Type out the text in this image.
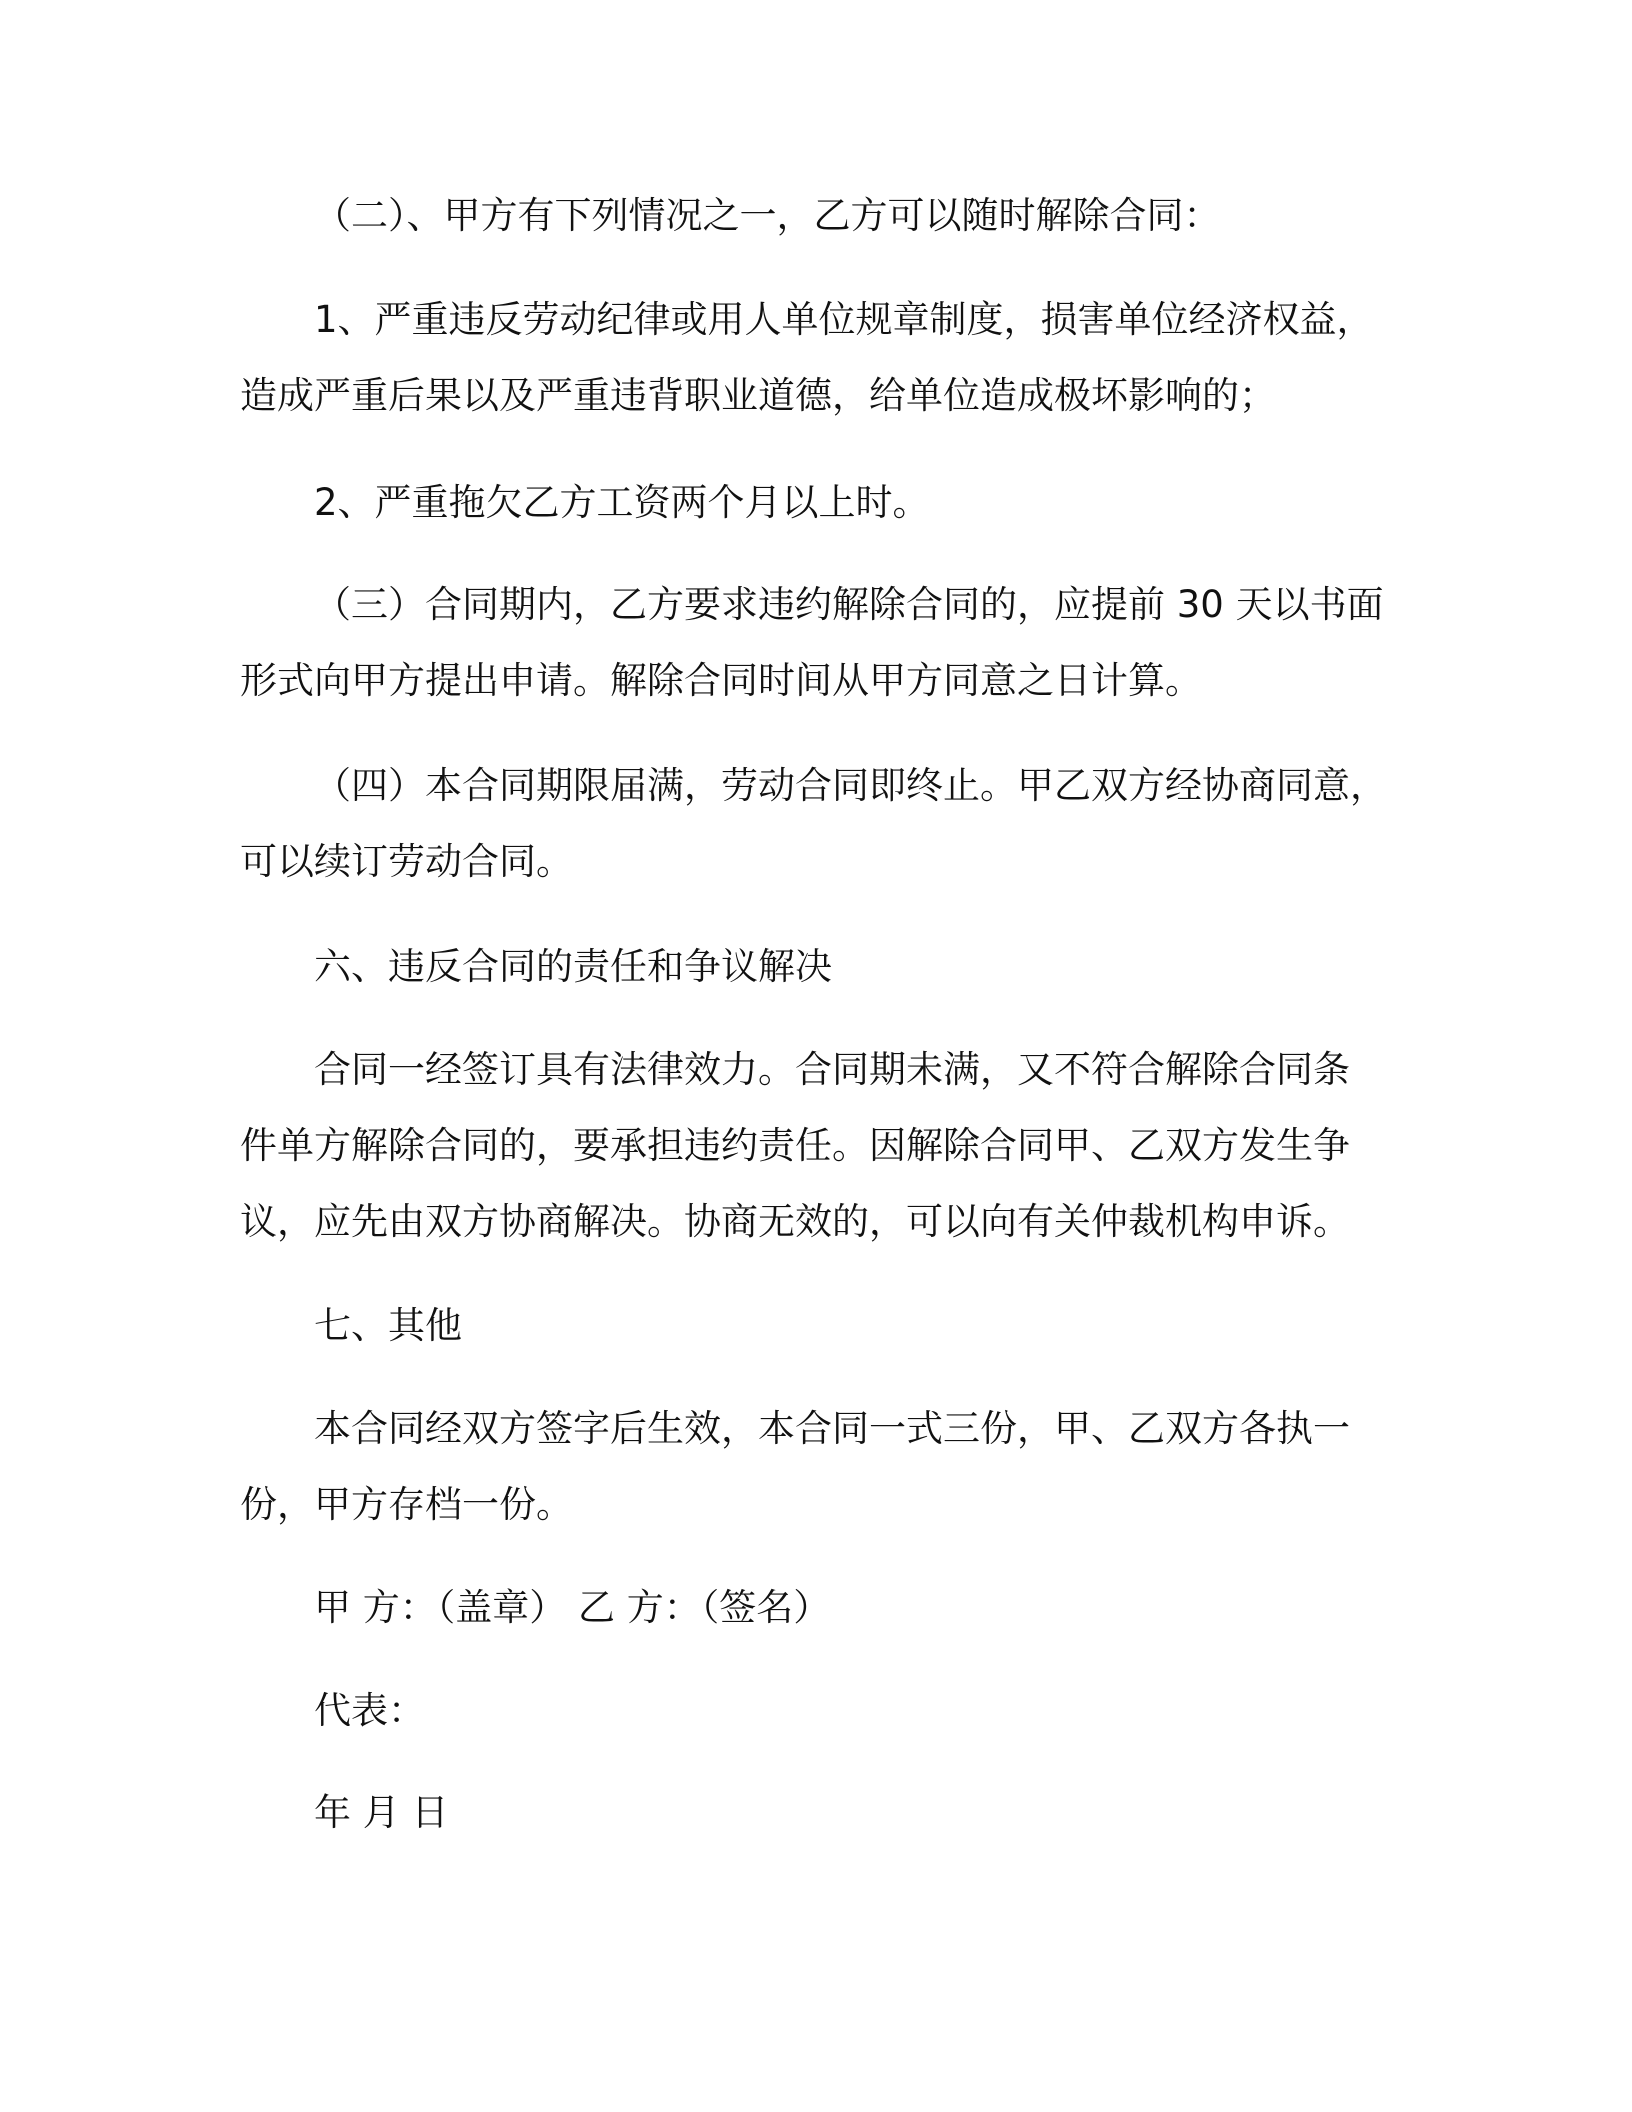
（二）、甲方有下列情况之一，乙方可以随时解除合同：

1、严重违反劳动纪律或用人单位规章制度，损害单位经济权益，
造成严重后果以及严重违背职业道德，给单位造成极坏影响的；

2、严重拖欠乙方工资两个月以上时。

（三）合同期内，乙方要求违约解除合同的，应提前 30 天以书面
形式向甲方提出申请。解除合同时间从甲方同意之日计算。

（四）本合同期限届满，劳动合同即终止。甲乙双方经协商同意，
可以续订劳动合同。

六、违反合同的责任和争议解决

合同一经签订具有法律效力。合同期未满，又不符合解除合同条
件单方解除合同的，要承担违约责任。因解除合同甲、乙双方发生争
议，应先由双方协商解决。协商无效的，可以向有关仲裁机构申诉。

七、其他

本合同经双方签字后生效，本合同一式三份，甲、乙双方各执一
份，甲方存档一份。

甲 方：（盖章） 乙 方：（签名）

代表：

年 月 日
